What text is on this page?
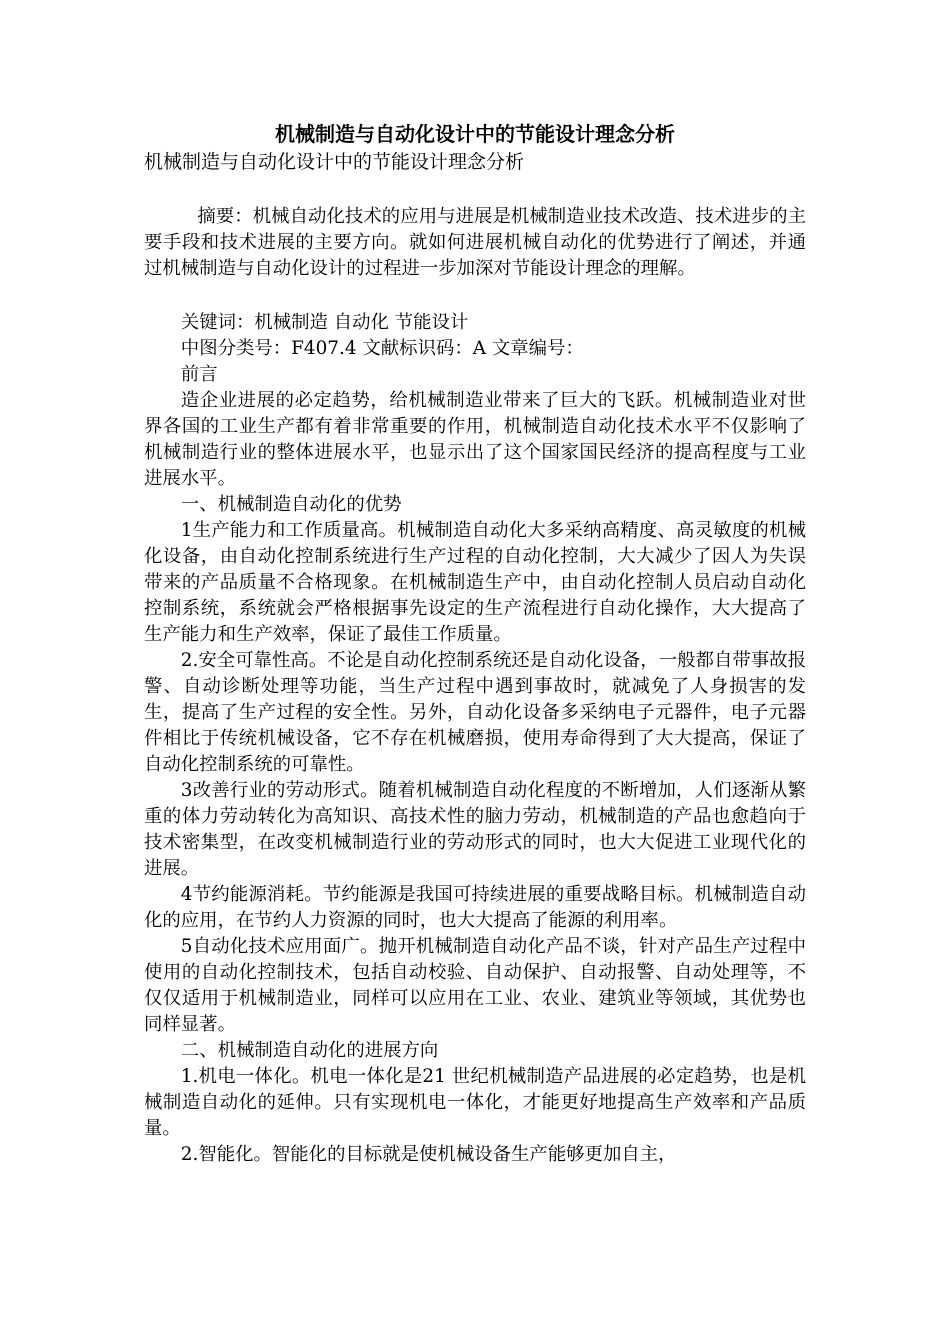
机械制造与自动化设计中的节能设计理念分析

机械制造与自动化设计中的节能设计理念分析

摘要：机械自动化技术的应用与进展是机械制造业技术改造、技术进步的主要手段和技术进展的主要方向。就如何进展机械自动化的优势进行了阐述，并通过机械制造与自动化设计的过程进一步加深对节能设计理念的理解。

关键词：机械制造 自动化 节能设计

中图分类号：F407.4 文献标识码：A 文章编号：

前言

造企业进展的必定趋势，给机械制造业带来了巨大的飞跃。机械制造业对世界各国的工业生产都有着非常重要的作用，机械制造自动化技术水平不仅影响了机械制造行业的整体进展水平，也显示出了这个国家国民经济的提高程度与工业进展水平。

一、机械制造自动化的优势

1生产能力和工作质量高。机械制造自动化大多采纳高精度、高灵敏度的机械化设备，由自动化控制系统进行生产过程的自动化控制，大大减少了因人为失误带来的产品质量不合格现象。在机械制造生产中，由自动化控制人员启动自动化控制系统，系统就会严格根据事先设定的生产流程进行自动化操作，大大提高了生产能力和生产效率，保证了最佳工作质量。

2.安全可靠性高。不论是自动化控制系统还是自动化设备，一般都自带事故报警、自动诊断处理等功能，当生产过程中遇到事故时，就减免了人身损害的发生，提高了生产过程的安全性。另外，自动化设备多采纳电子元器件，电子元器件相比于传统机械设备，它不存在机械磨损，使用寿命得到了大大提高，保证了自动化控制系统的可靠性。

3改善行业的劳动形式。随着机械制造自动化程度的不断增加，人们逐渐从繁重的体力劳动转化为高知识、高技术性的脑力劳动，机械制造的产品也愈趋向于技术密集型，在改变机械制造行业的劳动形式的同时，也大大促进工业现代化的进展。

4节约能源消耗。节约能源是我国可持续进展的重要战略目标。机械制造自动化的应用，在节约人力资源的同时，也大大提高了能源的利用率。

5自动化技术应用面广。抛开机械制造自动化产品不谈，针对产品生产过程中使用的自动化控制技术，包括自动校验、自动保护、自动报警、自动处理等，不仅仅适用于机械制造业，同样可以应用在工业、农业、建筑业等领域，其优势也同样显著。

二、机械制造自动化的进展方向

1.机电一体化。机电一体化是21 世纪机械制造产品进展的必定趋势，也是机械制造自动化的延伸。只有实现机电一体化，才能更好地提高生产效率和产品质量。

2.智能化。智能化的目标就是使机械设备生产能够更加自主，
